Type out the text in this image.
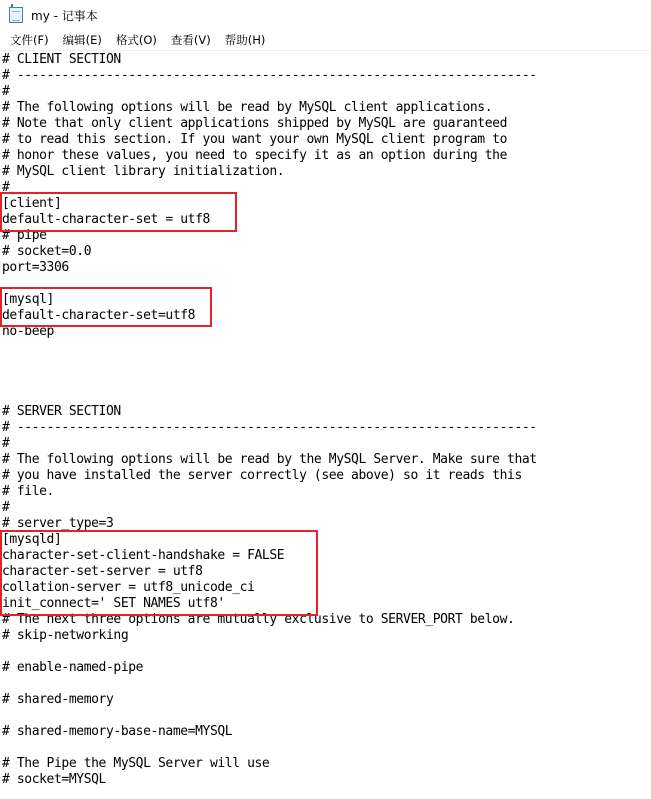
my - 记事本
文件(F)	编辑(E)	格式(O)	查看(V)	帮助(H)
# CLIENT SECTION
# ----------------------------------------------------------------------
#
# The following options will be read by MySQL client applications.
# Note that only client applications shipped by MySQL are guaranteed
# to read this section. If you want your own MySQL client program to
# honor these values, you need to specify it as an option during the
# MySQL client library initialization.
#
[client]
default-character-set = utf8
# pipe
# socket=0.0
port=3306
[mysql]
default-character-set=utf8
no-beep
# SERVER SECTION
# ----------------------------------------------------------------------
#
# The following options will be read by the MySQL Server. Make sure that
# you have installed the server correctly (see above) so it reads this
# file.
#
# server_type=3
[mysqld]
character-set-client-handshake = FALSE
character-set-server = utf8
collation-server = utf8_unicode_ci
init_connect=' SET NAMES utf8'
# The next three options are mutually exclusive to SERVER_PORT below.
# skip-networking
# enable-named-pipe
# shared-memory
# shared-memory-base-name=MYSQL
# The Pipe the MySQL Server will use
# socket=MYSQL
